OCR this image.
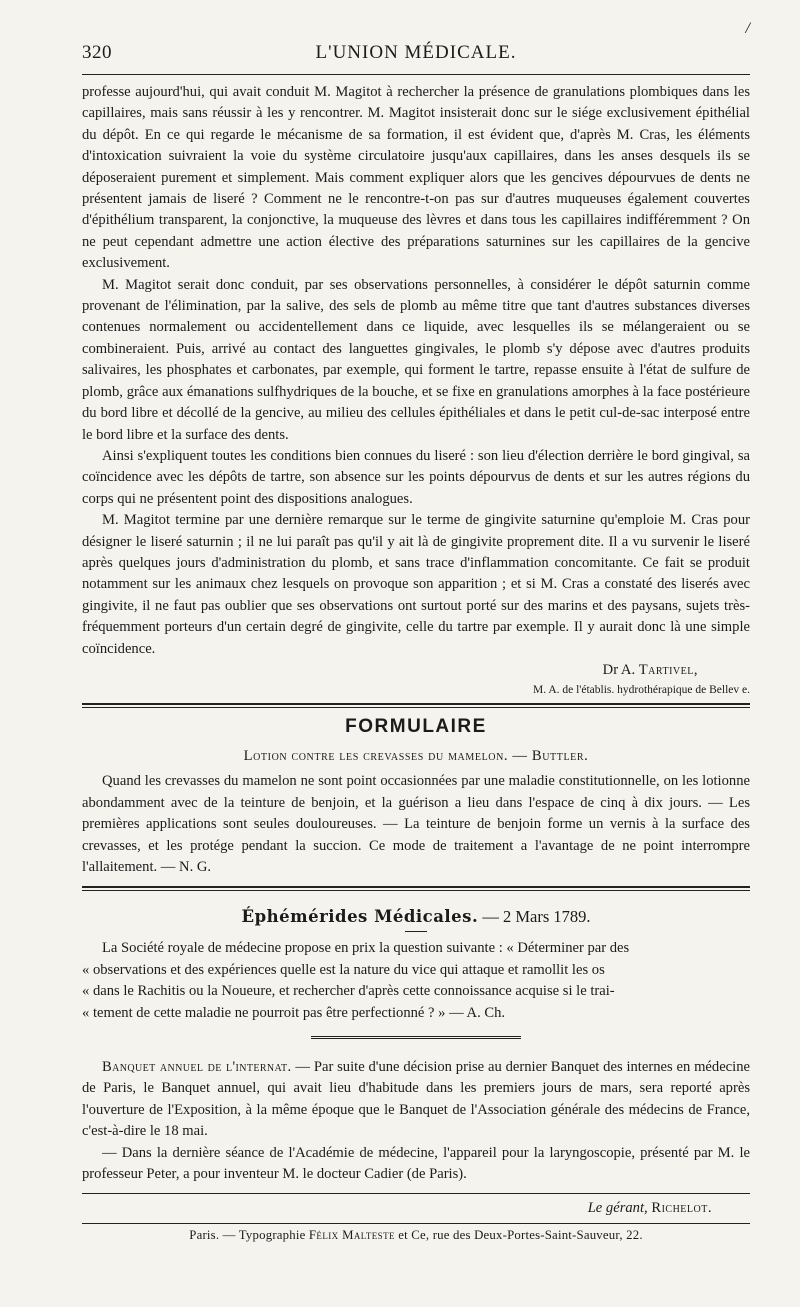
320	L'UNION MÉDICALE.
/

professe aujourd'hui, qui avait conduit M. Magitot à rechercher la présence de granulations plombiques dans les capillaires, mais sans réussir à les y rencontrer. M. Magitot insisterait donc sur le siége exclusivement épithélial du dépôt. En ce qui regarde le mécanisme de sa formation, il est évident que, d'après M. Cras, les éléments d'intoxication suivraient la voie du système circulatoire jusqu'aux capillaires, dans les anses desquels ils se déposeraient purement et simplement. Mais comment expliquer alors que les gencives dépourvues de dents ne présentent jamais de liseré ? Comment ne le rencontre-t-on pas sur d'autres muqueuses également couvertes d'épithélium transparent, la conjonctive, la muqueuse des lèvres et dans tous les capillaires indifféremment ? On ne peut cependant admettre une action élective des préparations saturnines sur les capillaires de la gencive exclusivement.

M. Magitot serait donc conduit, par ses observations personnelles, à considérer le dépôt saturnin comme provenant de l'élimination, par la salive, des sels de plomb au même titre que tant d'autres substances diverses contenues normalement ou accidentellement dans ce liquide, avec lesquelles ils se mélangeraient ou se combineraient. Puis, arrivé au contact des languettes gingivales, le plomb s'y dépose avec d'autres produits salivaires, les phosphates et carbonates, par exemple, qui forment le tartre, repasse ensuite à l'état de sulfure de plomb, grâce aux émanations sulfhydriques de la bouche, et se fixe en granulations amorphes à la face postérieure du bord libre et décollé de la gencive, au milieu des cellules épithéliales et dans le petit cul-de-sac interposé entre le bord libre et la surface des dents.

Ainsi s'expliquent toutes les conditions bien connues du liseré : son lieu d'élection derrière le bord gingival, sa coïncidence avec les dépôts de tartre, son absence sur les points dépourvus de dents et sur les autres régions du corps qui ne présentent point des dispositions analogues.

M. Magitot termine par une dernière remarque sur le terme de gingivite saturnine qu'emploie M. Cras pour désigner le liseré saturnin ; il ne lui paraît pas qu'il y ait là de gingivite proprement dite. Il a vu survenir le liseré après quelques jours d'administration du plomb, et sans trace d'inflammation concomitante. Ce fait se produit notamment sur les animaux chez lesquels on provoque son apparition ; et si M. Cras a constaté des liserés avec gingivite, il ne faut pas oublier que ses observations ont surtout porté sur des marins et des paysans, sujets très-fréquemment porteurs d'un certain degré de gingivite, celle du tartre par exemple. Il y aurait donc là une simple coïncidence.

Dr A. Tartivel,
M. A. de l'établis. hydrothérapique de Bellev e.
FORMULAIRE
Lotion contre les crevasses du mamelon. — Buttler.

Quand les crevasses du mamelon ne sont point occasionnées par une maladie constitutionnelle, on les lotionne abondamment avec de la teinture de benjoin, et la guérison a lieu dans l'espace de cinq à dix jours. — Les premières applications sont seules douloureuses. — La teinture de benjoin forme un vernis à la surface des crevasses, et les protége pendant la succion. Ce mode de traitement a l'avantage de ne point interrompre l'allaitement. — N. G.

Éphémérides Médicales. — 2 Mars 1789.

La Société royale de médecine propose en prix la question suivante : « Déterminer par des

« observations et des expériences quelle est la nature du vice qui attaque et ramollit les os

« dans le Rachitis ou la Noueure, et rechercher d'après cette connoissance acquise si le trai-

« tement de cette maladie ne pourroit pas être perfectionné ? » — A. Ch.

Banquet annuel de l'internat. — Par suite d'une décision prise au dernier Banquet des internes en médecine de Paris, le Banquet annuel, qui avait lieu d'habitude dans les premiers jours de mars, sera reporté après l'ouverture de l'Exposition, à la même époque que le Banquet de l'Association générale des médecins de France, c'est-à-dire le 18 mai.

— Dans la dernière séance de l'Académie de médecine, l'appareil pour la laryngoscopie, présenté par M. le professeur Peter, a pour inventeur M. le docteur Cadier (de Paris).

Le gérant, Richelot.
Paris. — Typographie Félix Malteste et Ce, rue des Deux-Portes-Saint-Sauveur, 22.
